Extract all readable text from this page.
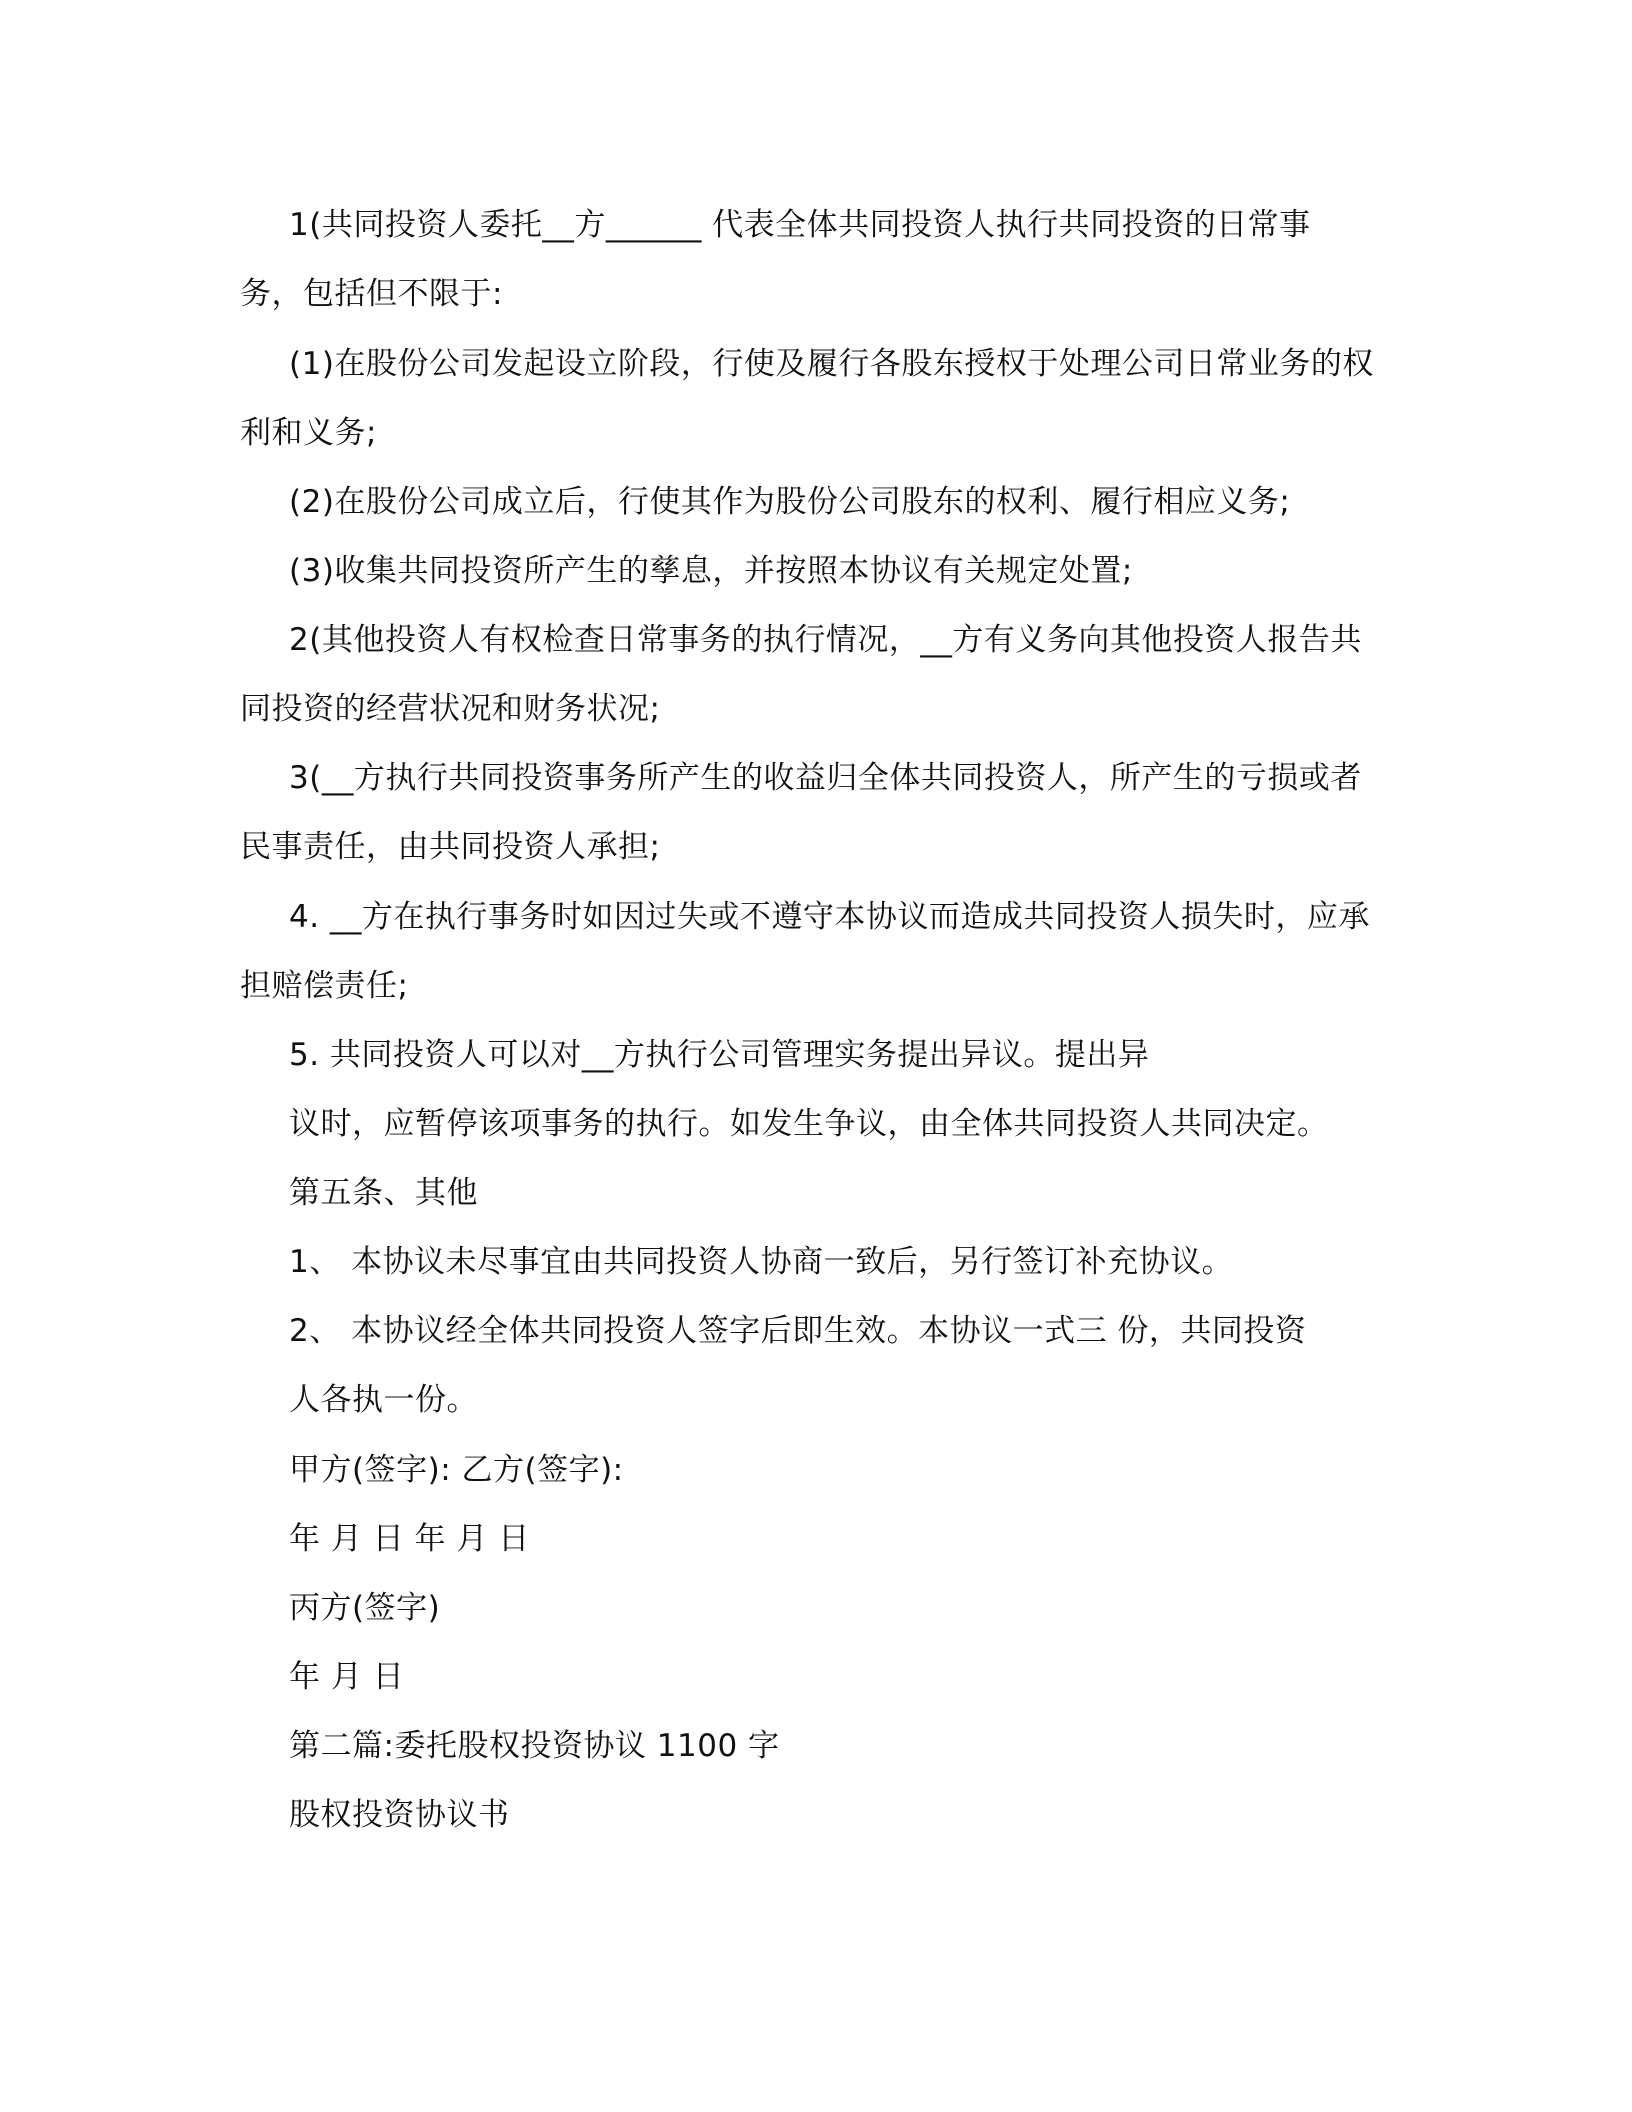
1(共同投资人委托__方______ 代表全体共同投资人执行共同投资的日常事
务，包括但不限于:
(1)在股份公司发起设立阶段，行使及履行各股东授权于处理公司日常业务的权
利和义务;
(2)在股份公司成立后，行使其作为股份公司股东的权利、履行相应义务;
(3)收集共同投资所产生的孳息，并按照本协议有关规定处置;
2(其他投资人有权检查日常事务的执行情况，__方有义务向其他投资人报告共
同投资的经营状况和财务状况;
3(__方执行共同投资事务所产生的收益归全体共同投资人，所产生的亏损或者
民事责任，由共同投资人承担;
4. __方在执行事务时如因过失或不遵守本协议而造成共同投资人损失时，应承
担赔偿责任;
5. 共同投资人可以对__方执行公司管理实务提出异议。提出异
议时，应暂停该项事务的执行。如发生争议，由全体共同投资人共同决定。
第五条、其他
1、 本协议未尽事宜由共同投资人协商一致后，另行签订补充协议。
2、 本协议经全体共同投资人签字后即生效。本协议一式三 份，共同投资
人各执一份。
甲方(签字): 乙方(签字):
年 月 日 年 月 日
丙方(签字)
年 月 日
第二篇:委托股权投资协议 1100 字
股权投资协议书
